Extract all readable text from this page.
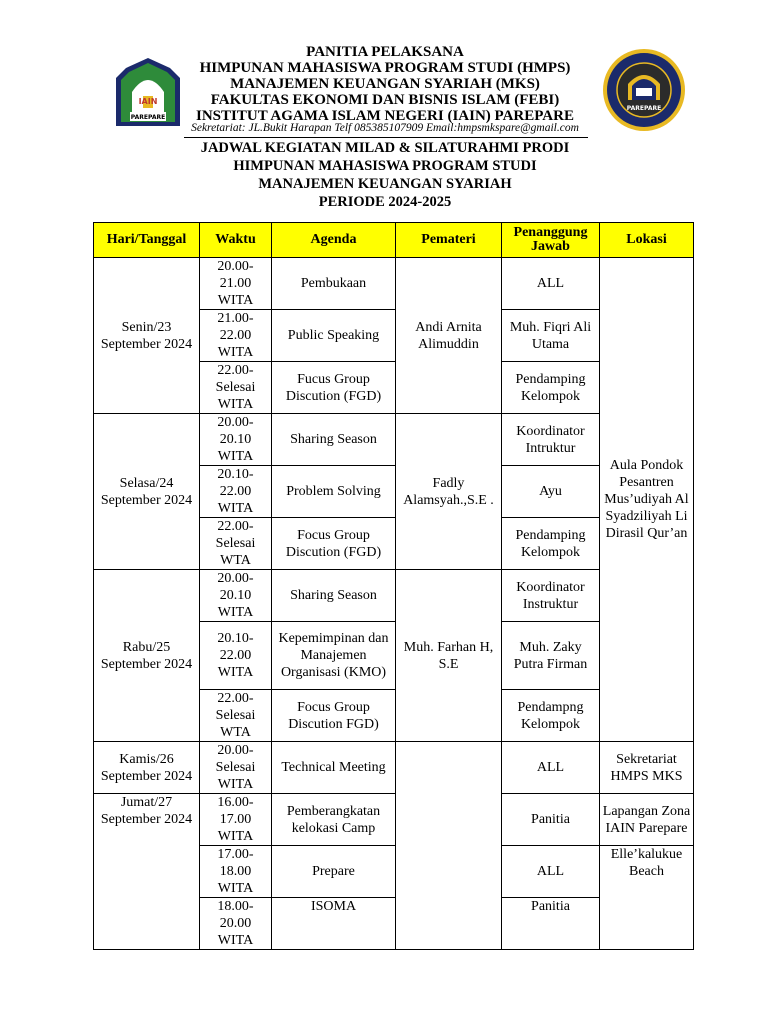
IAIN
PAREPARE
PANITIA PELAKSANA
HIMPUNAN MAHASISWA PROGRAM STUDI (HMPS)
MANAJEMEN KEUANGAN SYARIAH (MKS)
FAKULTAS EKONOMI DAN BISNIS ISLAM (FEBI)
INSTITUT AGAMA ISLAM NEGERI (IAIN) PAREPARE
Sekretariat: JL.Bukit Harapan Telf 085385107909 Email:hmpsmkspare@gmail.com
PAREPARE
JADWAL KEGIATAN MILAD & SILATURAHMI PRODI
HIMPUNAN MAHASISWA PROGRAM STUDI
MANAJEMEN KEUANGAN SYARIAH
PERIODE 2024-2025
Hari/Tanggal	Waktu	Agenda	Pemateri	Penanggung Jawab	Lokasi
Senin/23 September 2024	20.00- 21.00 WITA	Pembukaan	Andi Arnita Alimuddin	ALL	Aula Pondok Pesantren Mus’udiyah Al Syadziliyah Li Dirasil Qur’an
	21.00- 22.00 WITA	Public Speaking		Muh. Fiqri Ali Utama	
	22.00- Selesai WITA	Fucus Group Discution (FGD)		Pendamping Kelompok	
Selasa/24 September 2024	20.00- 20.10 WITA	Sharing Season	Fadly Alamsyah.,S.E .	Koordinator Intruktur	
	20.10- 22.00 WITA	Problem Solving		Ayu	
	22.00- Selesai WTA	Focus Group Discution (FGD)		Pendamping Kelompok	
Rabu/25 September 2024	20.00- 20.10 WITA	Sharing Season	Muh. Farhan H, S.E	Koordinator Instruktur	
	20.10- 22.00 WITA	Kepemimpinan dan Manajemen Organisasi (KMO)		Muh. Zaky Putra Firman	
	22.00- Selesai WTA	Focus Group Discution FGD)		Pendampng Kelompok	
Kamis/26 September 2024	20.00- Selesai WITA	Technical Meeting		ALL	Sekretariat HMPS MKS
Jumat/27 September 2024	16.00- 17.00 WITA	Pemberangkatan kelokasi Camp		Panitia	Lapangan Zona IAIN Parepare
	17.00- 18.00 WITA	Prepare		ALL	Elle’kalukue Beach
	18.00- 20.00 WITA	ISOMA		Panitia	
